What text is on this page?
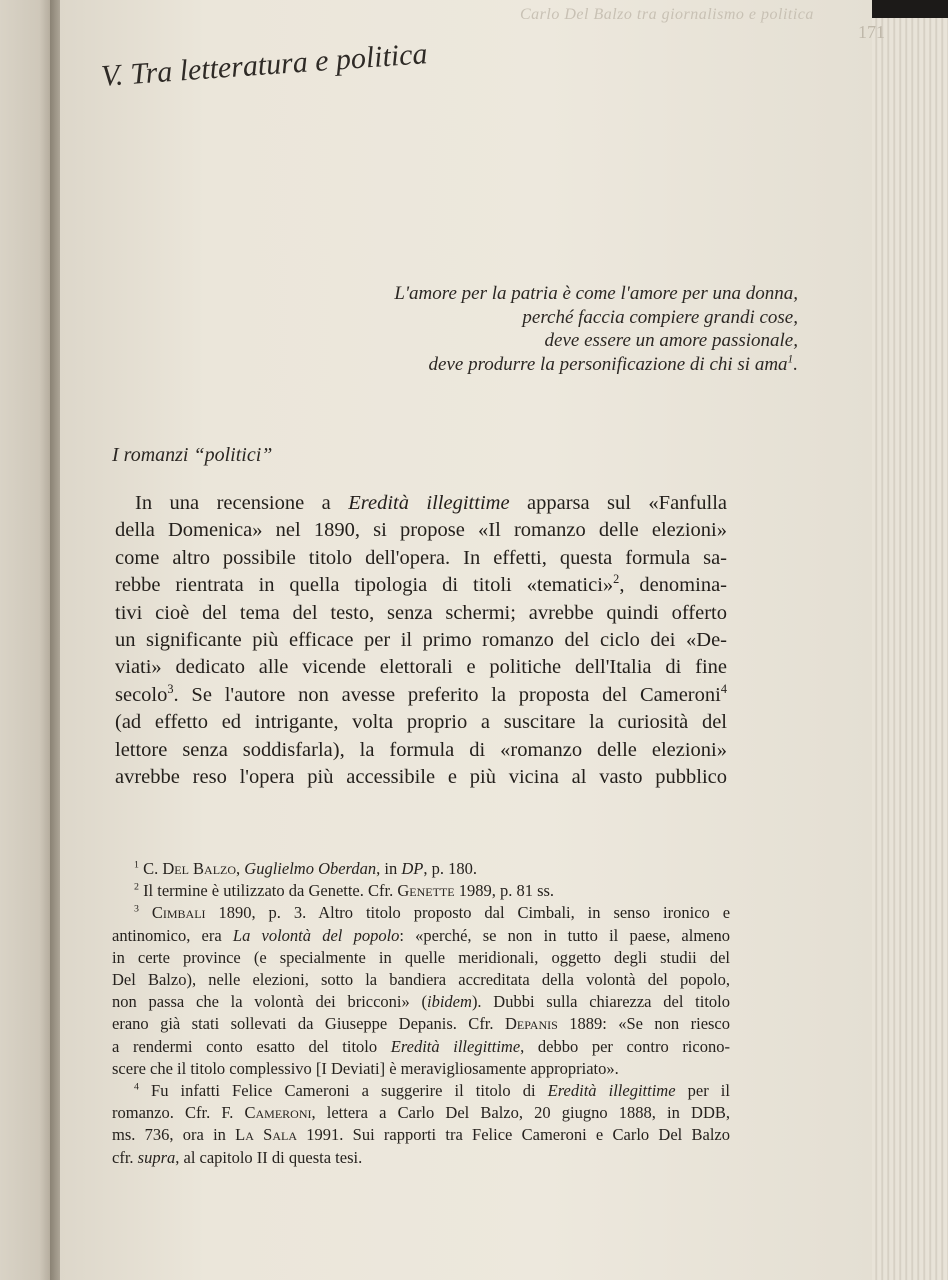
Carlo Del Balzo tra giornalismo e politica
171
V. Tra letteratura e politica
L'amore per la patria è come l'amore per una donna,
perché faccia compiere grandi cose,
deve essere un amore passionale,
deve produrre la personificazione di chi si ama$^1$.
I romanzi “politici”
In una recensione a Eredità illegittime apparsa sul «Fanfulla
della Domenica» nel 1890, si propose «Il romanzo delle elezioni»
come altro possibile titolo dell'opera. In effetti, questa formula sa-
rebbe rientrata in quella tipologia di titoli «tematici»$^2$, denomina-
tivi cioè del tema del testo, senza schermi; avrebbe quindi offerto
un significante più efficace per il primo romanzo del ciclo dei «De-
viati» dedicato alle vicende elettorali e politiche dell'Italia di fine
secolo$^3$. Se l'autore non avesse preferito la proposta del Cameroni$^4$
(ad effetto ed intrigante, volta proprio a suscitare la curiosità del
lettore senza soddisfarla), la formula di «romanzo delle elezioni»
avrebbe reso l'opera più accessibile e più vicina al vasto pubblico
$^1$ C. Del Balzo, Guglielmo Oberdan, in DP, p. 180.
$^2$ Il termine è utilizzato da Genette. Cfr. Genette 1989, p. 81 ss.
$^3$ Cimbali 1890, p. 3. Altro titolo proposto dal Cimbali, in senso ironico e
antinomico, era La volontà del popolo: «perché, se non in tutto il paese, almeno
in certe province (e specialmente in quelle meridionali, oggetto degli studii del
Del Balzo), nelle elezioni, sotto la bandiera accreditata della volontà del popolo,
non passa che la volontà dei bricconi» (ibidem). Dubbi sulla chiarezza del titolo
erano già stati sollevati da Giuseppe Depanis. Cfr. Depanis 1889: «Se non riesco
a rendermi conto esatto del titolo Eredità illegittime, debbo per contro ricono-
scere che il titolo complessivo [I Deviati] è meravigliosamente appropriato».
$^4$ Fu infatti Felice Cameroni a suggerire il titolo di Eredità illegittime per il
romanzo. Cfr. F. Cameroni, lettera a Carlo Del Balzo, 20 giugno 1888, in DDB,
ms. 736, ora in La Sala 1991. Sui rapporti tra Felice Cameroni e Carlo Del Balzo
cfr. supra, al capitolo II di questa tesi.
